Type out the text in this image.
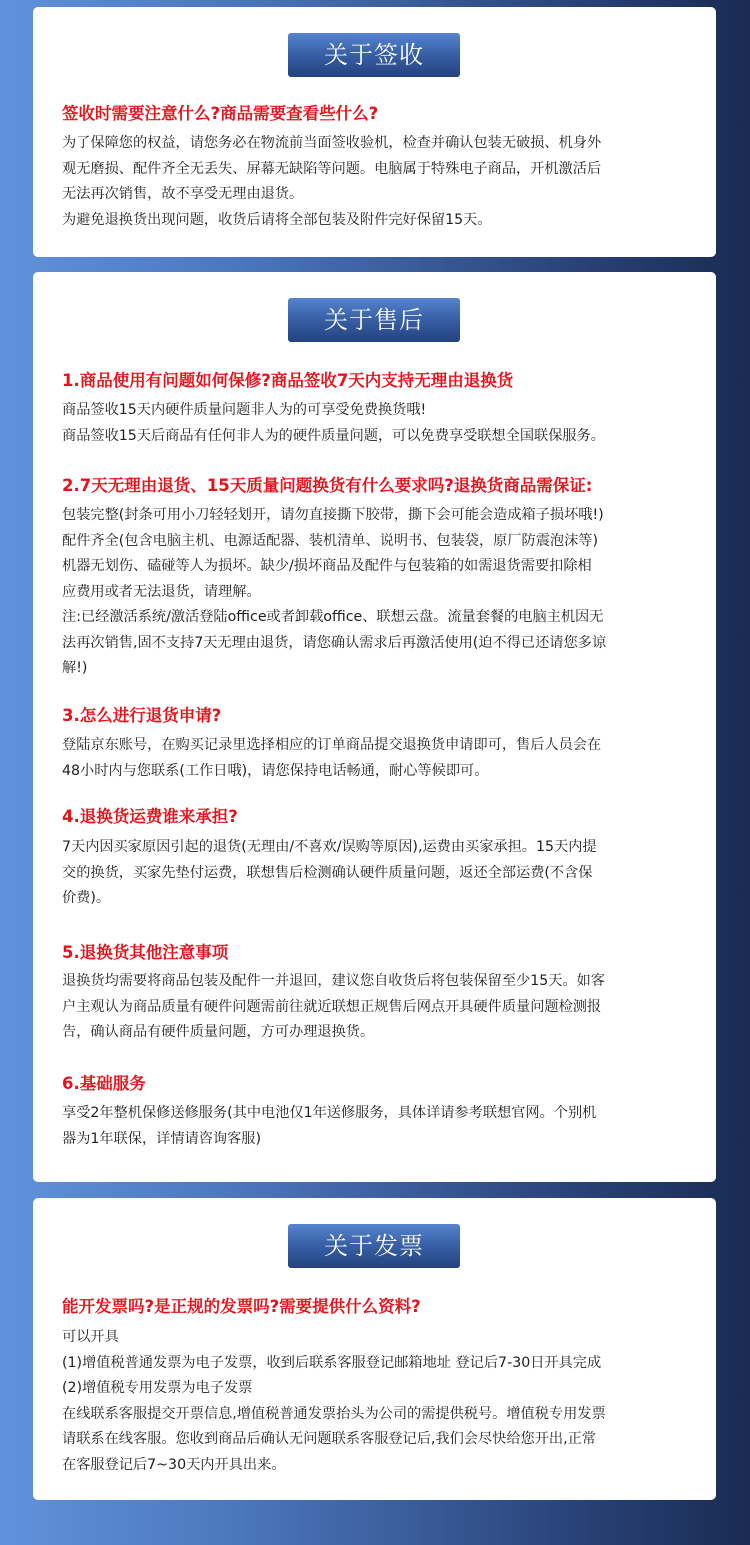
关于签收
签收时需要注意什么?商品需要查看些什么?
为了保障您的权益，请您务必在物流前当面签收验机，检查并确认包装无破损、机身外
观无磨损、配件齐全无丢失、屏幕无缺陷等问题。电脑属于特殊电子商品，开机激活后
无法再次销售，故不享受无理由退货。
为避免退换货出现问题，收货后请将全部包装及附件完好保留15天。
关于售后
1.商品使用有问题如何保修?商品签收7天内支持无理由退换货
商品签收15天内硬件质量问题非人为的可享受免费换货哦!
商品签收15天后商品有任何非人为的硬件质量问题，可以免费享受联想全国联保服务。
2.7天无理由退货、15天质量问题换货有什么要求吗?退换货商品需保证:
包装完整(封条可用小刀轻轻划开，请勿直接撕下胶带，撕下会可能会造成箱子损坏哦!)
配件齐全(包含电脑主机、电源适配器、装机清单、说明书、包装袋，原厂防震泡沫等)
机器无划伤、磕碰等人为损坏。缺少/损坏商品及配件与包装箱的如需退货需要扣除相
应费用或者无法退货，请理解。
注:已经激活系统/激活登陆office或者卸载office、联想云盘。流量套餐的电脑主机因无
法再次销售,固不支持7天无理由退货，请您确认需求后再激活使用(迫不得已还请您多谅
解!)
3.怎么进行退货申请?
登陆京东账号，在购买记录里选择相应的订单商品提交退换货申请即可，售后人员会在
48小时内与您联系(工作日哦)，请您保持电话畅通，耐心等候即可。
4.退换货运费谁来承担?
7天内因买家原因引起的退货(无理由/不喜欢/误购等原因),运费由买家承担。15天内提
交的换货，买家先垫付运费，联想售后检测确认硬件质量问题，返还全部运费(不含保
价费)。
5.退换货其他注意事项
退换货均需要将商品包装及配件一并退回，建议您自收货后将包装保留至少15天。如客
户主观认为商品质量有硬件问题需前往就近联想正规售后网点开具硬件质量问题检测报
告，确认商品有硬件质量问题，方可办理退换货。
6.基础服务
享受2年整机保修送修服务(其中电池仅1年送修服务，具体详请参考联想官网。个别机
器为1年联保，详情请咨询客服)
关于发票
能开发票吗?是正规的发票吗?需要提供什么资料?
可以开具
(1)增值税普通发票为电子发票，收到后联系客服登记邮箱地址 登记后7-30日开具完成
(2)增值税专用发票为电子发票
在线联系客服提交开票信息,增值税普通发票抬头为公司的需提供税号。增值税专用发票
请联系在线客服。您收到商品后确认无问题联系客服登记后,我们会尽快给您开出,正常
在客服登记后7~30天内开具出来。
